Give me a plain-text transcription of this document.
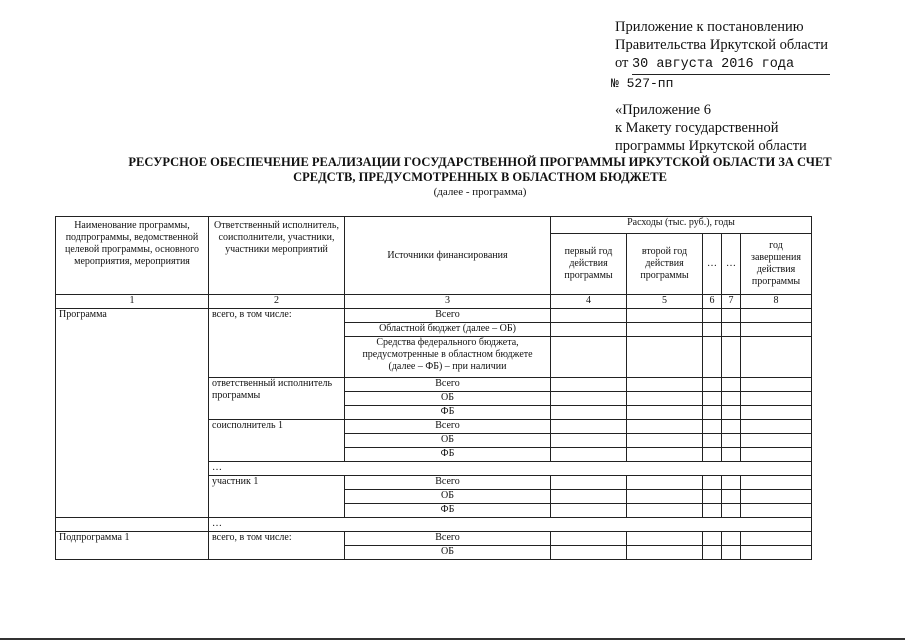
Приложение к постановлению
Правительства Иркутской области
от 30 августа 2016 года
№ 527-пп
«Приложение 6
к Макету государственной
программы Иркутской области
РЕСУРСНОЕ ОБЕСПЕЧЕНИЕ РЕАЛИЗАЦИИ ГОСУДАРСТВЕННОЙ ПРОГРАММЫ ИРКУТСКОЙ ОБЛАСТИ ЗА СЧЕТ
СРЕДСТВ, ПРЕДУСМОТРЕННЫХ В ОБЛАСТНОМ БЮДЖЕТЕ
(далее - программа)
Наименование программы, подпрограммы, ведомственной целевой программы, основного мероприятия, мероприятия	Ответственный исполнитель, соисполнители, участники, участники мероприятий	Источники финансирования	Расходы (тыс. руб.), годы				
			первый год действия программы	второй год действия программы	…	…	год завершения действия программы
1	2	3	4	5	6	7	8
Программа	всего, в том числе:	Всего					
		Областной бюджет (далее – ОБ)					
		Средства федерального бюджета, предусмотренные в областном бюджете (далее – ФБ) – при наличии					
	ответственный исполнитель программы	Всего					
		ОБ					
		ФБ					
	соисполнитель 1	Всего					
		ОБ					
		ФБ					
	…						
	участник 1	Всего					
		ОБ					
		ФБ					
	…						
Подпрограмма 1	всего, в том числе:	Всего					
		ОБ					
